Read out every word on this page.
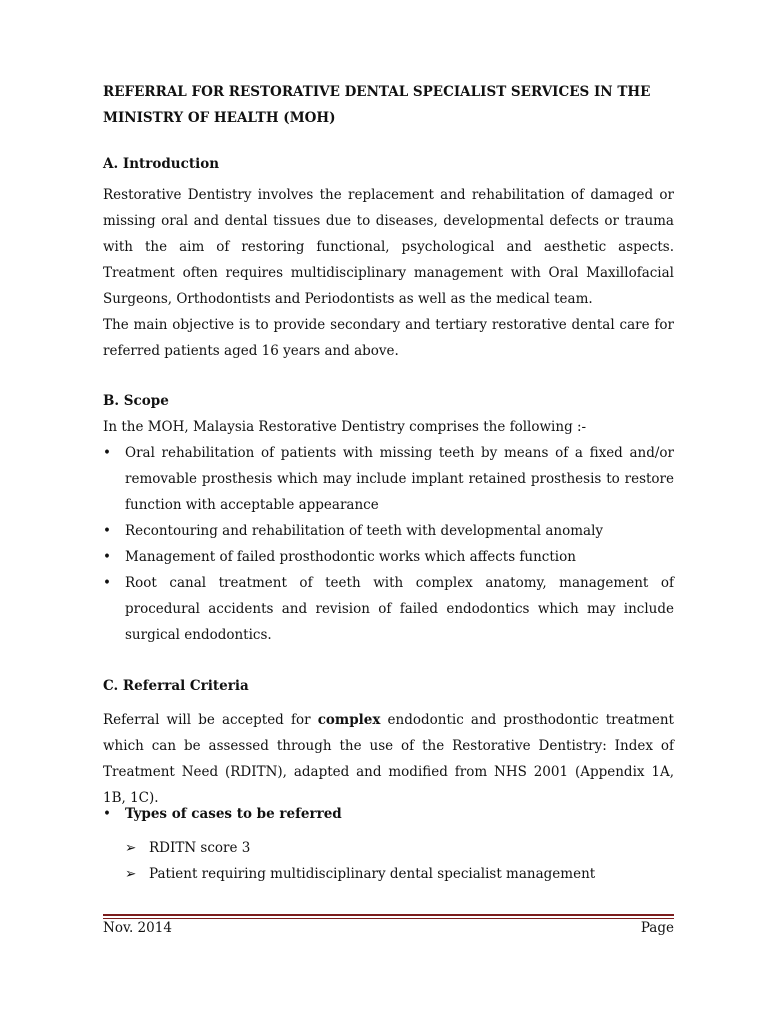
REFERRAL FOR RESTORATIVE DENTAL SPECIALIST SERVICES IN THE MINISTRY OF HEALTH (MOH)
A. Introduction
Restorative Dentistry involves the replacement and rehabilitation of damaged or missing oral and dental tissues due to diseases, developmental defects or trauma with the aim of restoring functional, psychological and aesthetic aspects. Treatment often requires multidisciplinary management with Oral Maxillofacial Surgeons, Orthodontists and Periodontists as well as the medical team.
The main objective is to provide secondary and tertiary restorative dental care for referred patients aged 16 years and above.
B. Scope
In the MOH, Malaysia Restorative Dentistry comprises the following :-
• Oral rehabilitation of patients with missing teeth by means of a fixed and/or removable prosthesis which may include implant retained prosthesis to restore function with acceptable appearance
• Recontouring and rehabilitation of teeth with developmental anomaly
• Management of failed prosthodontic works which affects function
• Root canal treatment of teeth with complex anatomy, management of procedural accidents and revision of failed endodontics which may include surgical endodontics.
C. Referral Criteria
Referral will be accepted for complex endodontic and prosthodontic treatment which can be assessed through the use of the Restorative Dentistry: Index of Treatment Need (RDITN), adapted and modified from NHS 2001 (Appendix 1A, 1B, 1C).
• Types of cases to be referred
➢ RDITN score 3
➢ Patient requiring multidisciplinary dental specialist management
Nov. 2014	Page
